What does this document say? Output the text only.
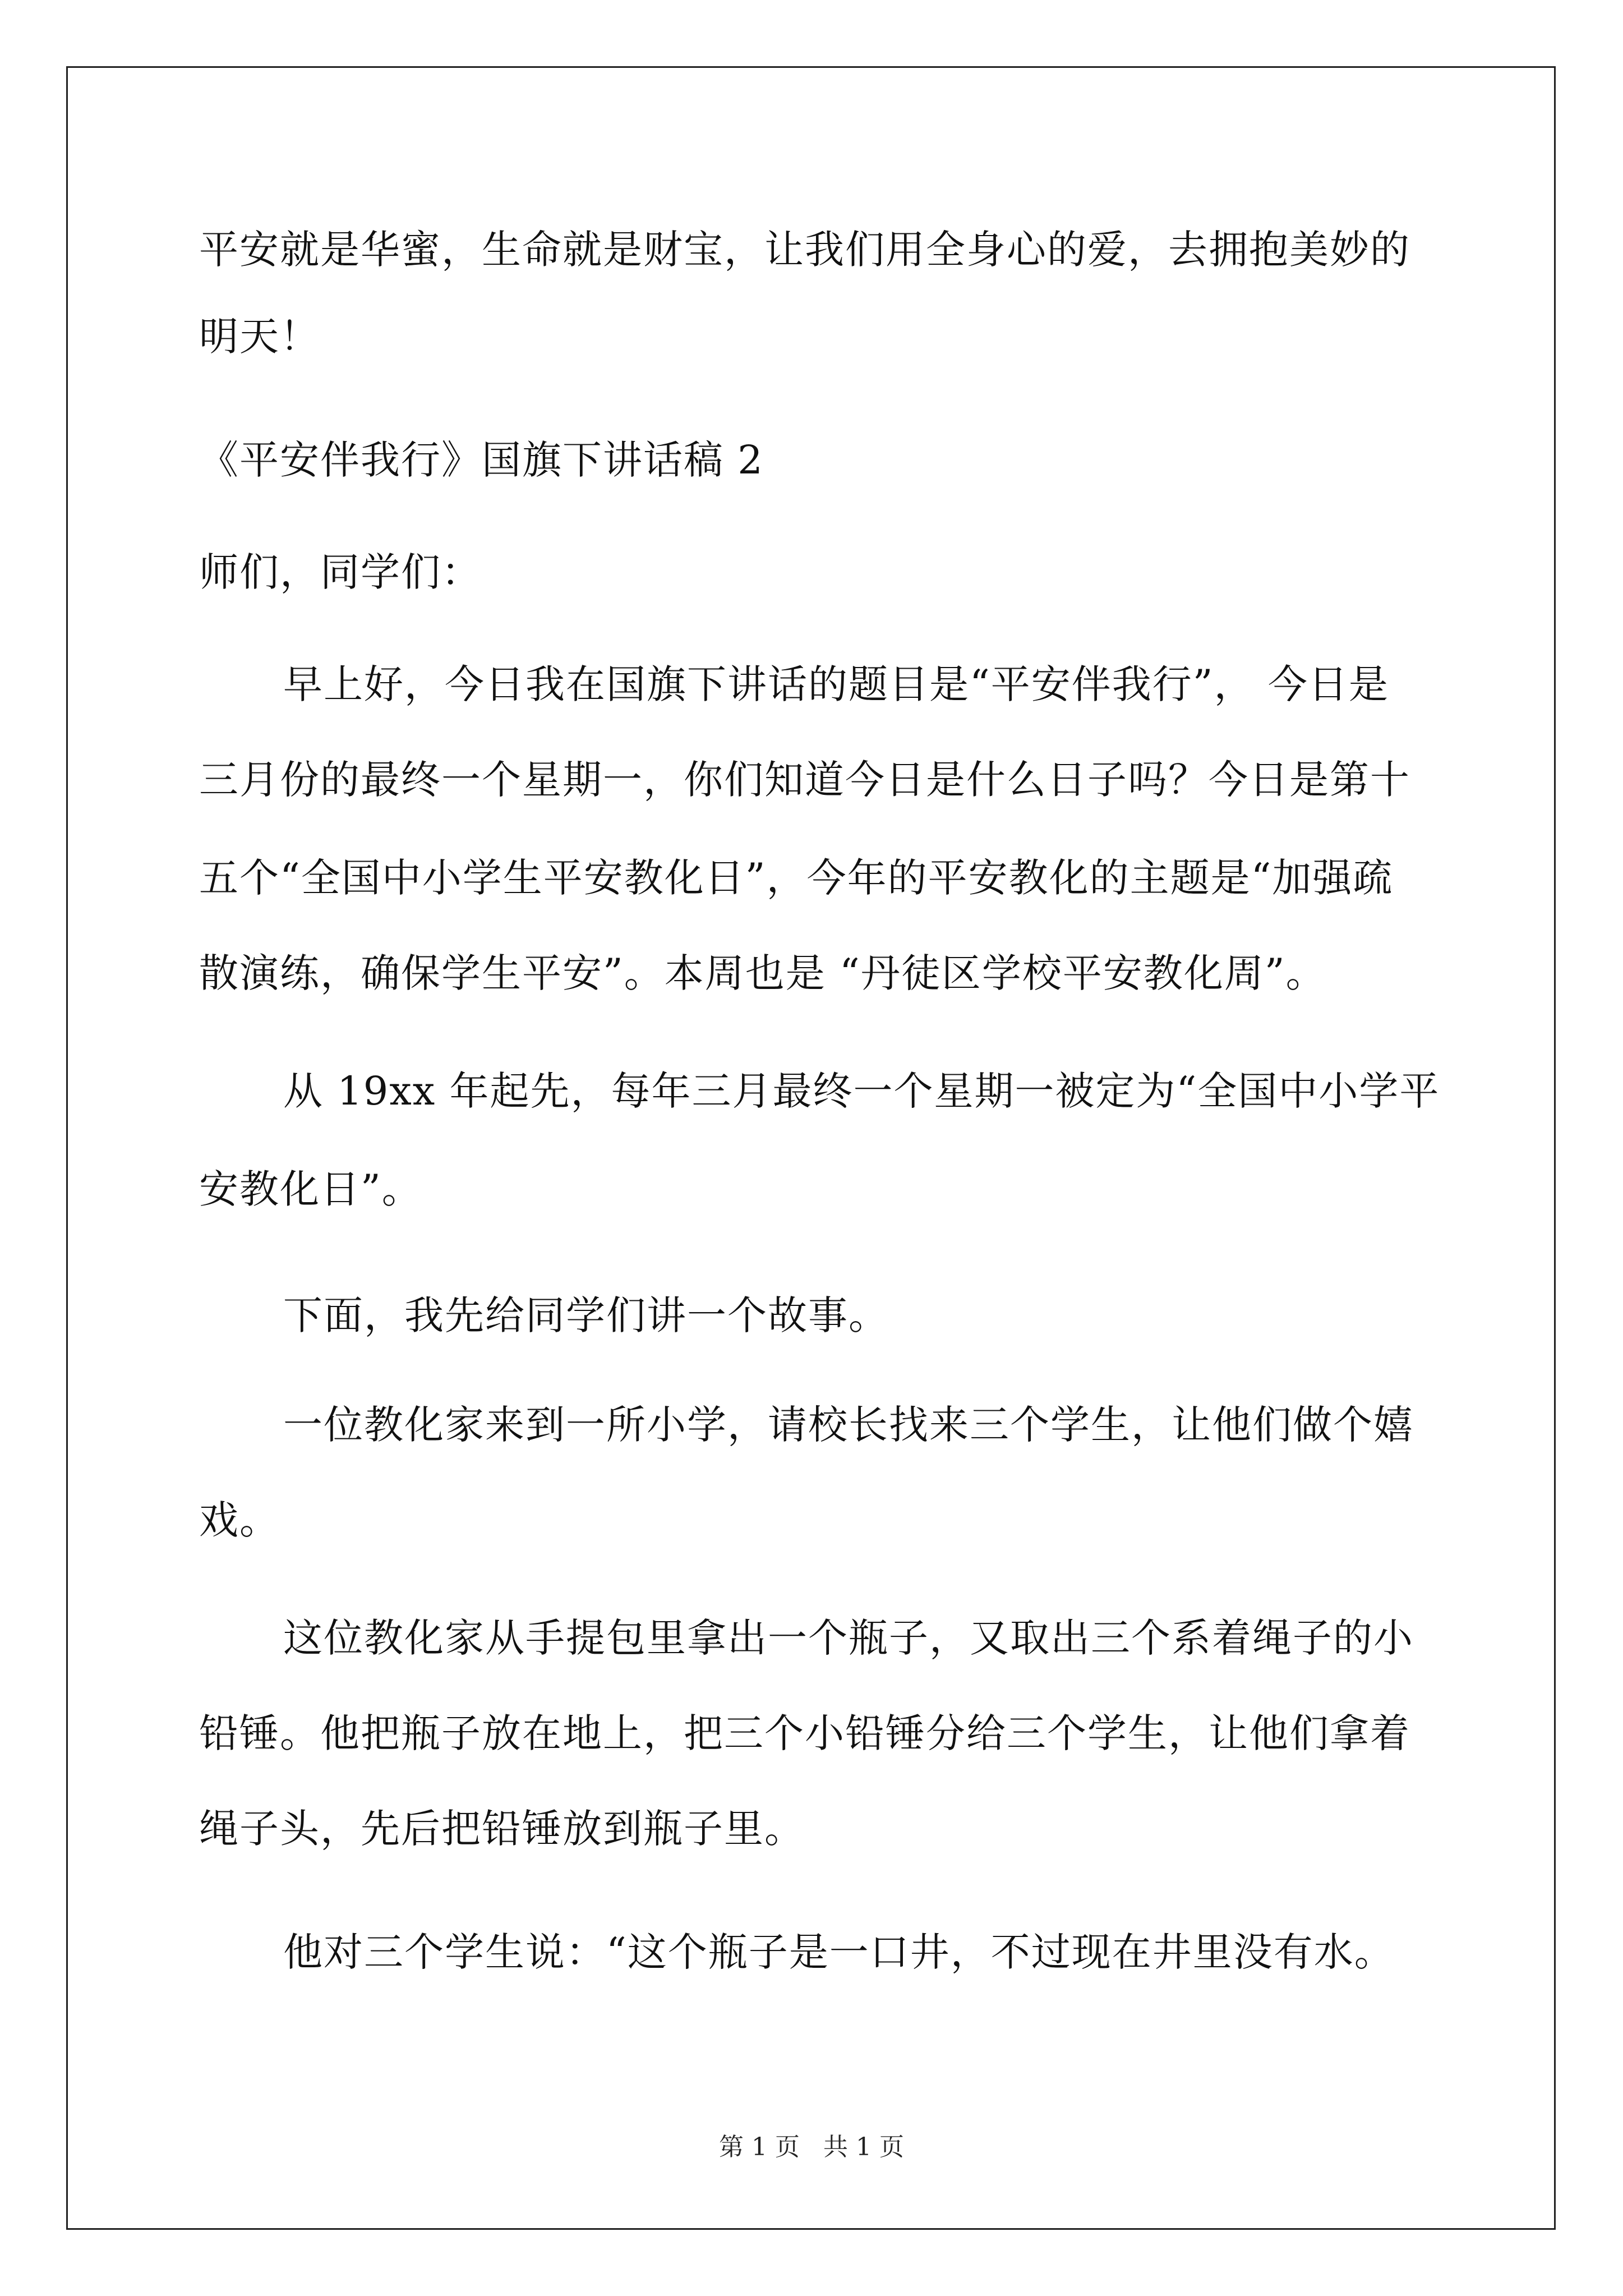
平安就是华蜜，生命就是财宝，让我们用全身心的爱，去拥抱美妙的
明天！
《平安伴我行》国旗下讲话稿 2
师们，同学们：
早上好，今日我在国旗下讲话的题目是“平安伴我行”， 今日是
三月份的最终一个星期一，你们知道今日是什么日子吗？今日是第十
五个“全国中小学生平安教化日”，今年的平安教化的主题是“加强疏
散演练，确保学生平安”。本周也是 “丹徒区学校平安教化周”。
从 19xx 年起先，每年三月最终一个星期一被定为“全国中小学平
安教化日”。
下面，我先给同学们讲一个故事。
一位教化家来到一所小学，请校长找来三个学生，让他们做个嬉
戏。
这位教化家从手提包里拿出一个瓶子，又取出三个系着绳子的小
铅锤。他把瓶子放在地上，把三个小铅锤分给三个学生，让他们拿着
绳子头，先后把铅锤放到瓶子里。
他对三个学生说：“这个瓶子是一口井，不过现在井里没有水。
第 1 页 共 1 页
